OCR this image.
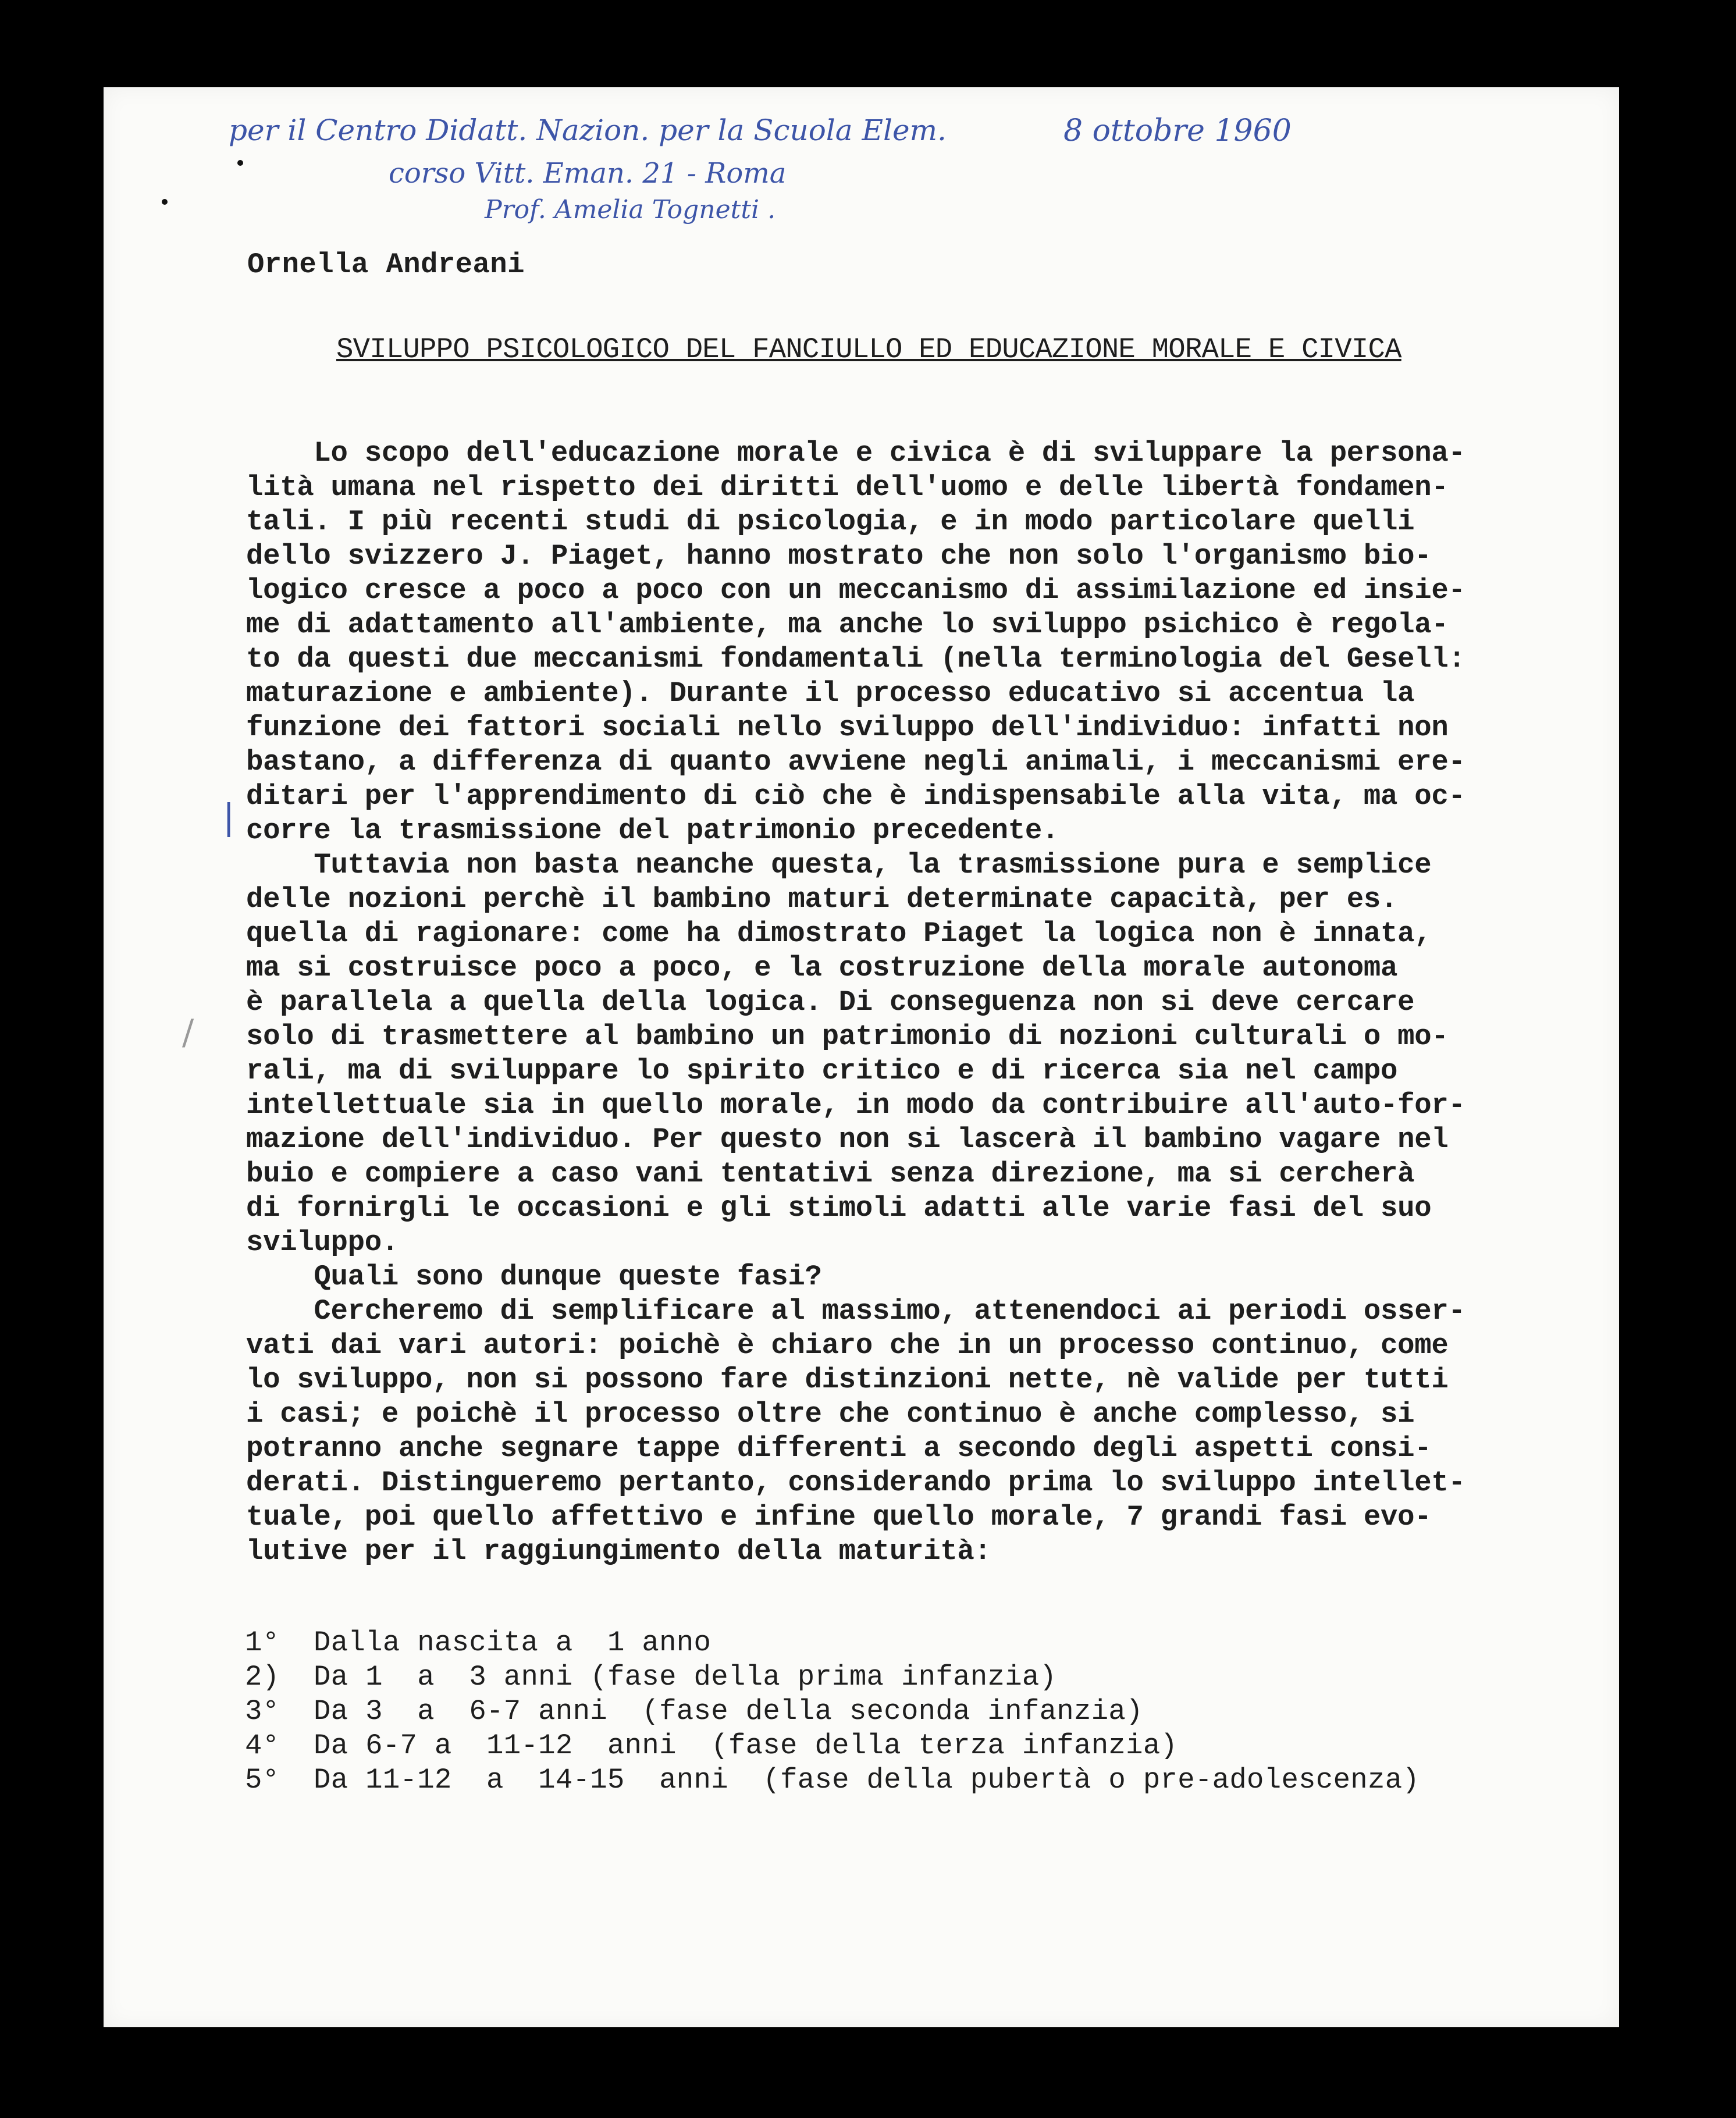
per il Centro Didatt. Nazion. per la Scuola Elem.
corso Vitt. Eman. 21 - Roma
Prof. Amelia Tognetti .
8 ottobre 1960
Ornella Andreani
SVILUPPO PSICOLOGICO DEL FANCIULLO ED EDUCAZIONE MORALE E CIVICA
Lo scopo dell'educazione morale e civica è di sviluppare la persona-
lità umana nel rispetto dei diritti dell'uomo e delle libertà fondamen-
tali. I più recenti studi di psicologia, e in modo particolare quelli
dello svizzero J. Piaget, hanno mostrato che non solo l'organismo bio-
logico cresce a poco a poco con un meccanismo di assimilazione ed insie-
me di adattamento all'ambiente, ma anche lo sviluppo psichico è regola-
to da questi due meccanismi fondamentali (nella terminologia del Gesell:
maturazione e ambiente). Durante il processo educativo si accentua la
funzione dei fattori sociali nello sviluppo dell'individuo: infatti non
bastano, a differenza di quanto avviene negli animali, i meccanismi ere-
ditari per l'apprendimento di ciò che è indispensabile alla vita, ma oc-
corre la trasmissione del patrimonio precedente.
Tuttavia non basta neanche questa, la trasmissione pura e semplice
delle nozioni perchè il bambino maturi determinate capacità, per es.
quella di ragionare: come ha dimostrato Piaget la logica non è innata,
ma si costruisce poco a poco, e la costruzione della morale autonoma
è parallela a quella della logica. Di conseguenza non si deve cercare
solo di trasmettere al bambino un patrimonio di nozioni culturali o mo-
rali, ma di sviluppare lo spirito critico e di ricerca sia nel campo
intellettuale sia in quello morale, in modo da contribuire all'auto-for-
mazione dell'individuo. Per questo non si lascerà il bambino vagare nel
buio e compiere a caso vani tentativi senza direzione, ma si cercherà
di fornirgli le occasioni e gli stimoli adatti alle varie fasi del suo
sviluppo.
Quali sono dunque queste fasi?
Cercheremo di semplificare al massimo, attenendoci ai periodi osser-
vati dai vari autori: poichè è chiaro che in un processo continuo, come
lo sviluppo, non si possono fare distinzioni nette, nè valide per tutti
i casi; e poichè il processo oltre che continuo è anche complesso, si
potranno anche segnare tappe differenti a secondo degli aspetti consi-
derati. Distingueremo pertanto, considerando prima lo sviluppo intellet-
tuale, poi quello affettivo e infine quello morale, 7 grandi fasi evo-
lutive per il raggiungimento della maturità:
|
/
1° Dalla nascita a  1 anno
2) Da 1  a  3 anni (fase della prima infanzia)
3° Da 3  a  6-7 anni  (fase della seconda infanzia)
4° Da 6-7 a  11-12  anni  (fase della terza infanzia)
5° Da 11-12  a  14-15  anni  (fase della pubertà o pre-adolescenza)
